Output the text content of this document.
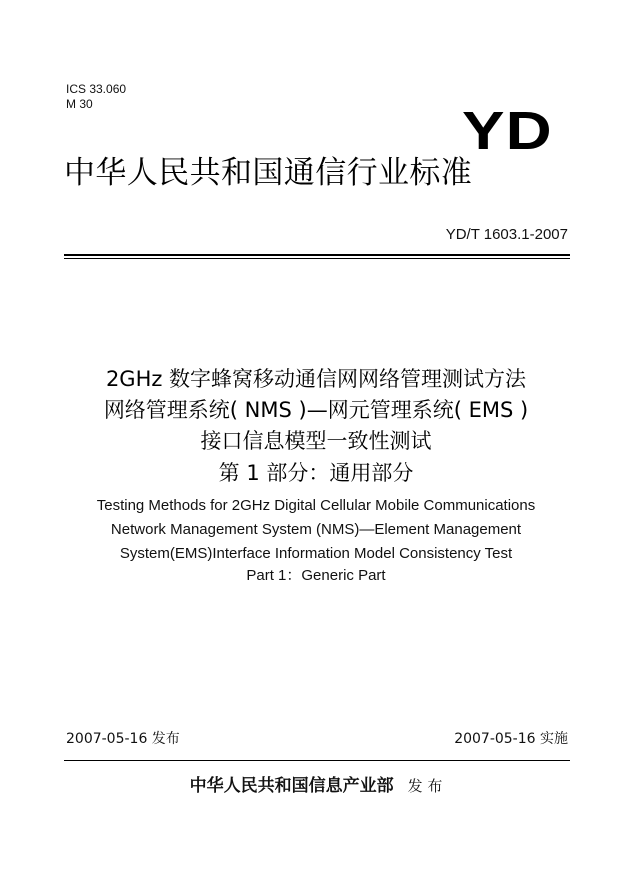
ICS 33.060
M 30	YD
中华人民共和国通信行业标准
YD/T 1603.1-2007
2GHz 数字蜂窝移动通信网网络管理测试方法
网络管理系统( NMS )—网元管理系统( EMS )
接口信息模型一致性测试
第 1 部分：通用部分
Testing Methods for 2GHz Digital Cellular Mobile Communications
Network Management System (NMS)—Element Management
System(EMS)Interface Information Model Consistency Test
Part 1：Generic Part
2007-05-16 发布	2007-05-16 实施
中华人民共和国信息产业部 发 布
